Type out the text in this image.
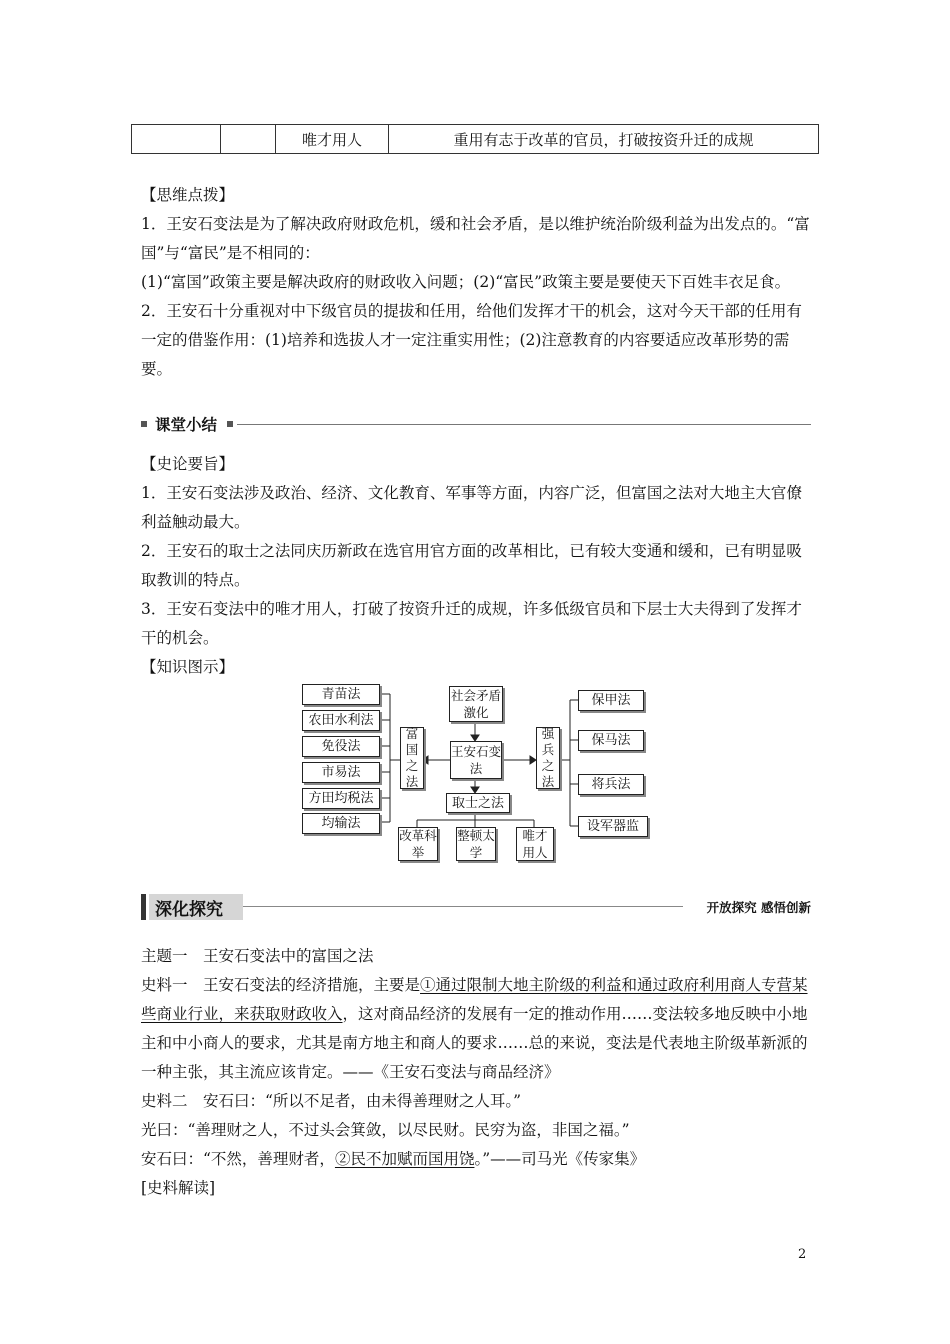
		唯才用人	重用有志于改革的官员，打破按资升迁的成规

【思维点拨】

1．王安石变法是为了解决政府财政危机，缓和社会矛盾，是以维护统治阶级利益为出发点的。“富国”与“富民”是不相同的：

(1)“富国”政策主要是解决政府的财政收入问题；(2)“富民”政策主要是要使天下百姓丰衣足食。

2．王安石十分重视对中下级官员的提拔和任用，给他们发挥才干的机会，这对今天干部的任用有一定的借鉴作用：(1)培养和选拔人才一定注重实用性；(2)注意教育的内容要适应改革形势的需要。

课堂小结

【史论要旨】

1．王安石变法涉及政治、经济、文化教育、军事等方面，内容广泛，但富国之法对大地主大官僚利益触动最大。

2．王安石的取士之法同庆历新政在选官用官方面的改革相比，已有较大变通和缓和，已有明显吸取教训的特点。

3．王安石变法中的唯才用人，打破了按资升迁的成规，许多低级官员和下层士大夫得到了发挥才干的机会。

【知识图示】

青苗法
农田水利法
免役法
市易法
方田均税法
均输法
富国之法
社会矛盾激化
王安石变法
强兵之法
取士之法
改革科举
整顿太学
唯才用人
保甲法
保马法
将兵法
设军器监
深化探究	开放探究 感悟创新

主题一　王安石变法中的富国之法

史料一　王安石变法的经济措施，主要是①通过限制大地主阶级的利益和通过政府利用商人专营某些商业行业，来获取财政收入，这对商品经济的发展有一定的推动作用……变法较多地反映中小地主和中小商人的要求，尤其是南方地主和商人的要求……总的来说，变法是代表地主阶级革新派的一种主张，其主流应该肯定。——《王安石变法与商品经济》

史料二　安石曰：“所以不足者，由未得善理财之人耳。”

光曰：“善理财之人，不过头会箕敛，以尽民财。民穷为盗，非国之福。”

安石曰：“不然，善理财者，②民不加赋而国用饶。”——司马光《传家集》

[史料解读]

2
